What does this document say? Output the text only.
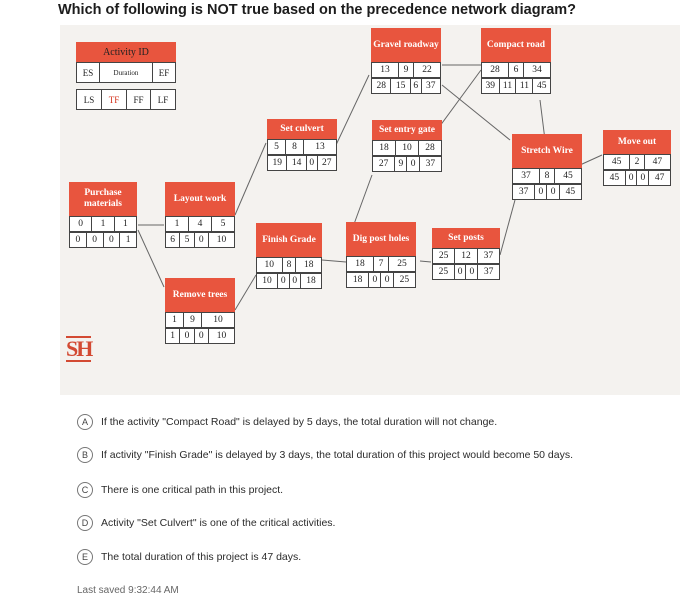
Which of following is NOT true based on the precedence network diagram?
Activity ID
ES	Duration	EF
LS	TF	FF	LF
Purchase materials
0	1	1
0	0	0	1
Layout work
1	4	5
6	5	0	10
Remove trees
1	9	10
1	0	0	10
Set culvert
5	8	13
19	14	0	27
Finish Grade
10	8	18
10	0	0	18
Gravel roadway
13	9	22
28	15	6	37
Set entry gate
18	10	28
27	9	0	37
Dig post holes
18	7	25
18	0	0	25
Set posts
25	12	37
25	0	0	37
Compact road
28	6	34
39	11	11	45
Stretch Wire
37	8	45
37	0	0	45
Move out
45	2	47
45	0	0	47
SH
A	If the activity "Compact Road" is delayed by 5 days, the total duration will not change.
B	If activity "Finish Grade" is delayed by 3 days, the total duration of this project would become 50 days.
C	There is one critical path in this project.
D	Activity "Set Culvert" is one of the critical activities.
E	The total duration of this project is 47 days.
Last saved 9:32:44 AM
